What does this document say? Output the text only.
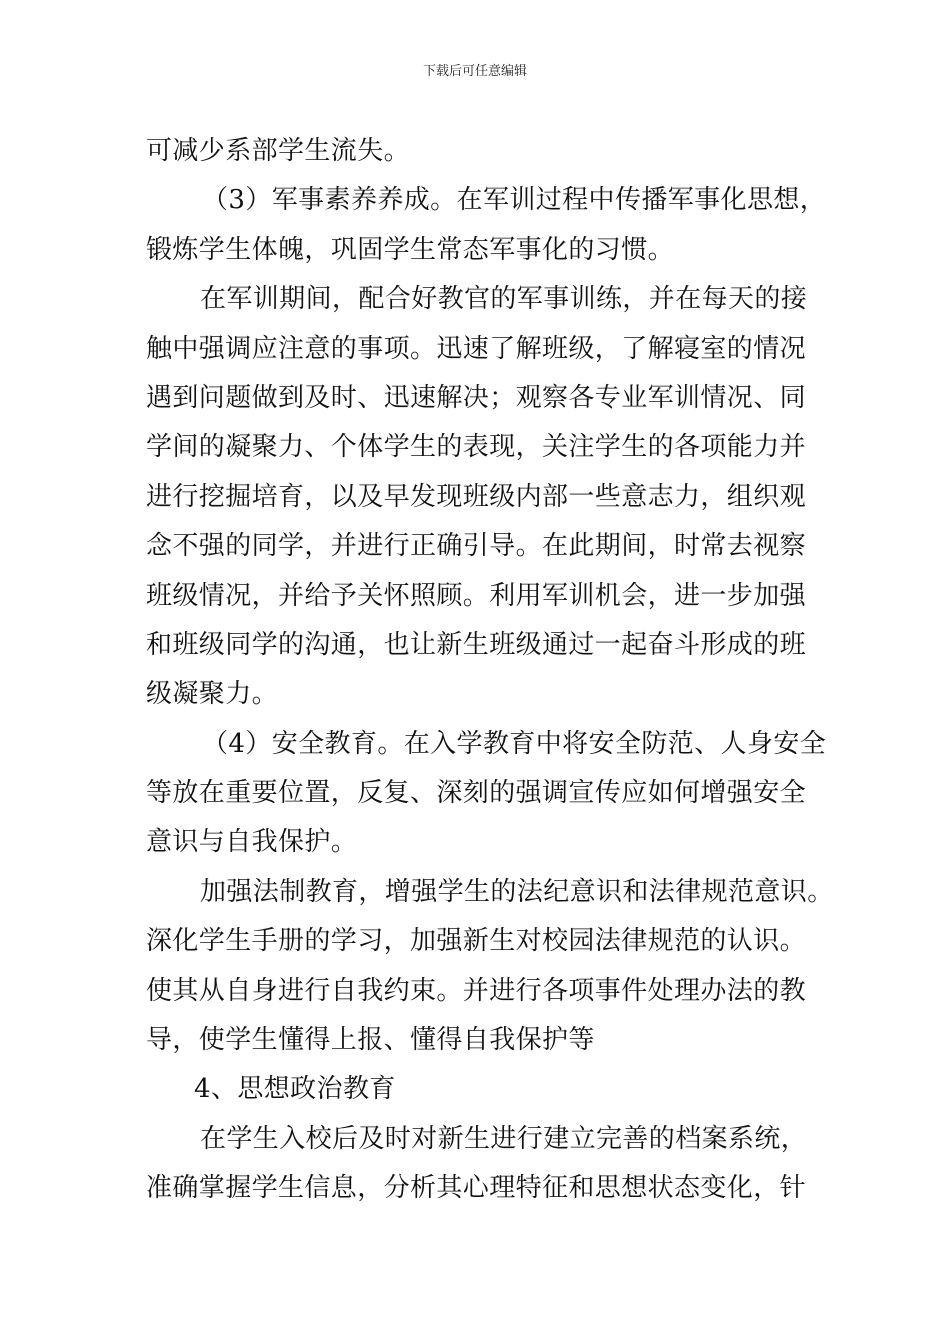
下载后可任意编辑
可减少系部学生流失。
（3）军事素养养成。在军训过程中传播军事化思想，
锻炼学生体魄，巩固学生常态军事化的习惯。
在军训期间，配合好教官的军事训练，并在每天的接
触中强调应注意的事项。迅速了解班级，了解寝室的情况
遇到问题做到及时、迅速解决；观察各专业军训情况、同
学间的凝聚力、个体学生的表现，关注学生的各项能力并
进行挖掘培育，以及早发现班级内部一些意志力，组织观
念不强的同学，并进行正确引导。在此期间，时常去视察
班级情况，并给予关怀照顾。利用军训机会，进一步加强
和班级同学的沟通，也让新生班级通过一起奋斗形成的班
级凝聚力。
（4）安全教育。在入学教育中将安全防范、人身安全
等放在重要位置，反复、深刻的强调宣传应如何增强安全
意识与自我保护。
加强法制教育，增强学生的法纪意识和法律规范意识。
深化学生手册的学习，加强新生对校园法律规范的认识。
使其从自身进行自我约束。并进行各项事件处理办法的教
导，使学生懂得上报、懂得自我保护等
4、思想政治教育
在学生入校后及时对新生进行建立完善的档案系统，
准确掌握学生信息，分析其心理特征和思想状态变化，针
